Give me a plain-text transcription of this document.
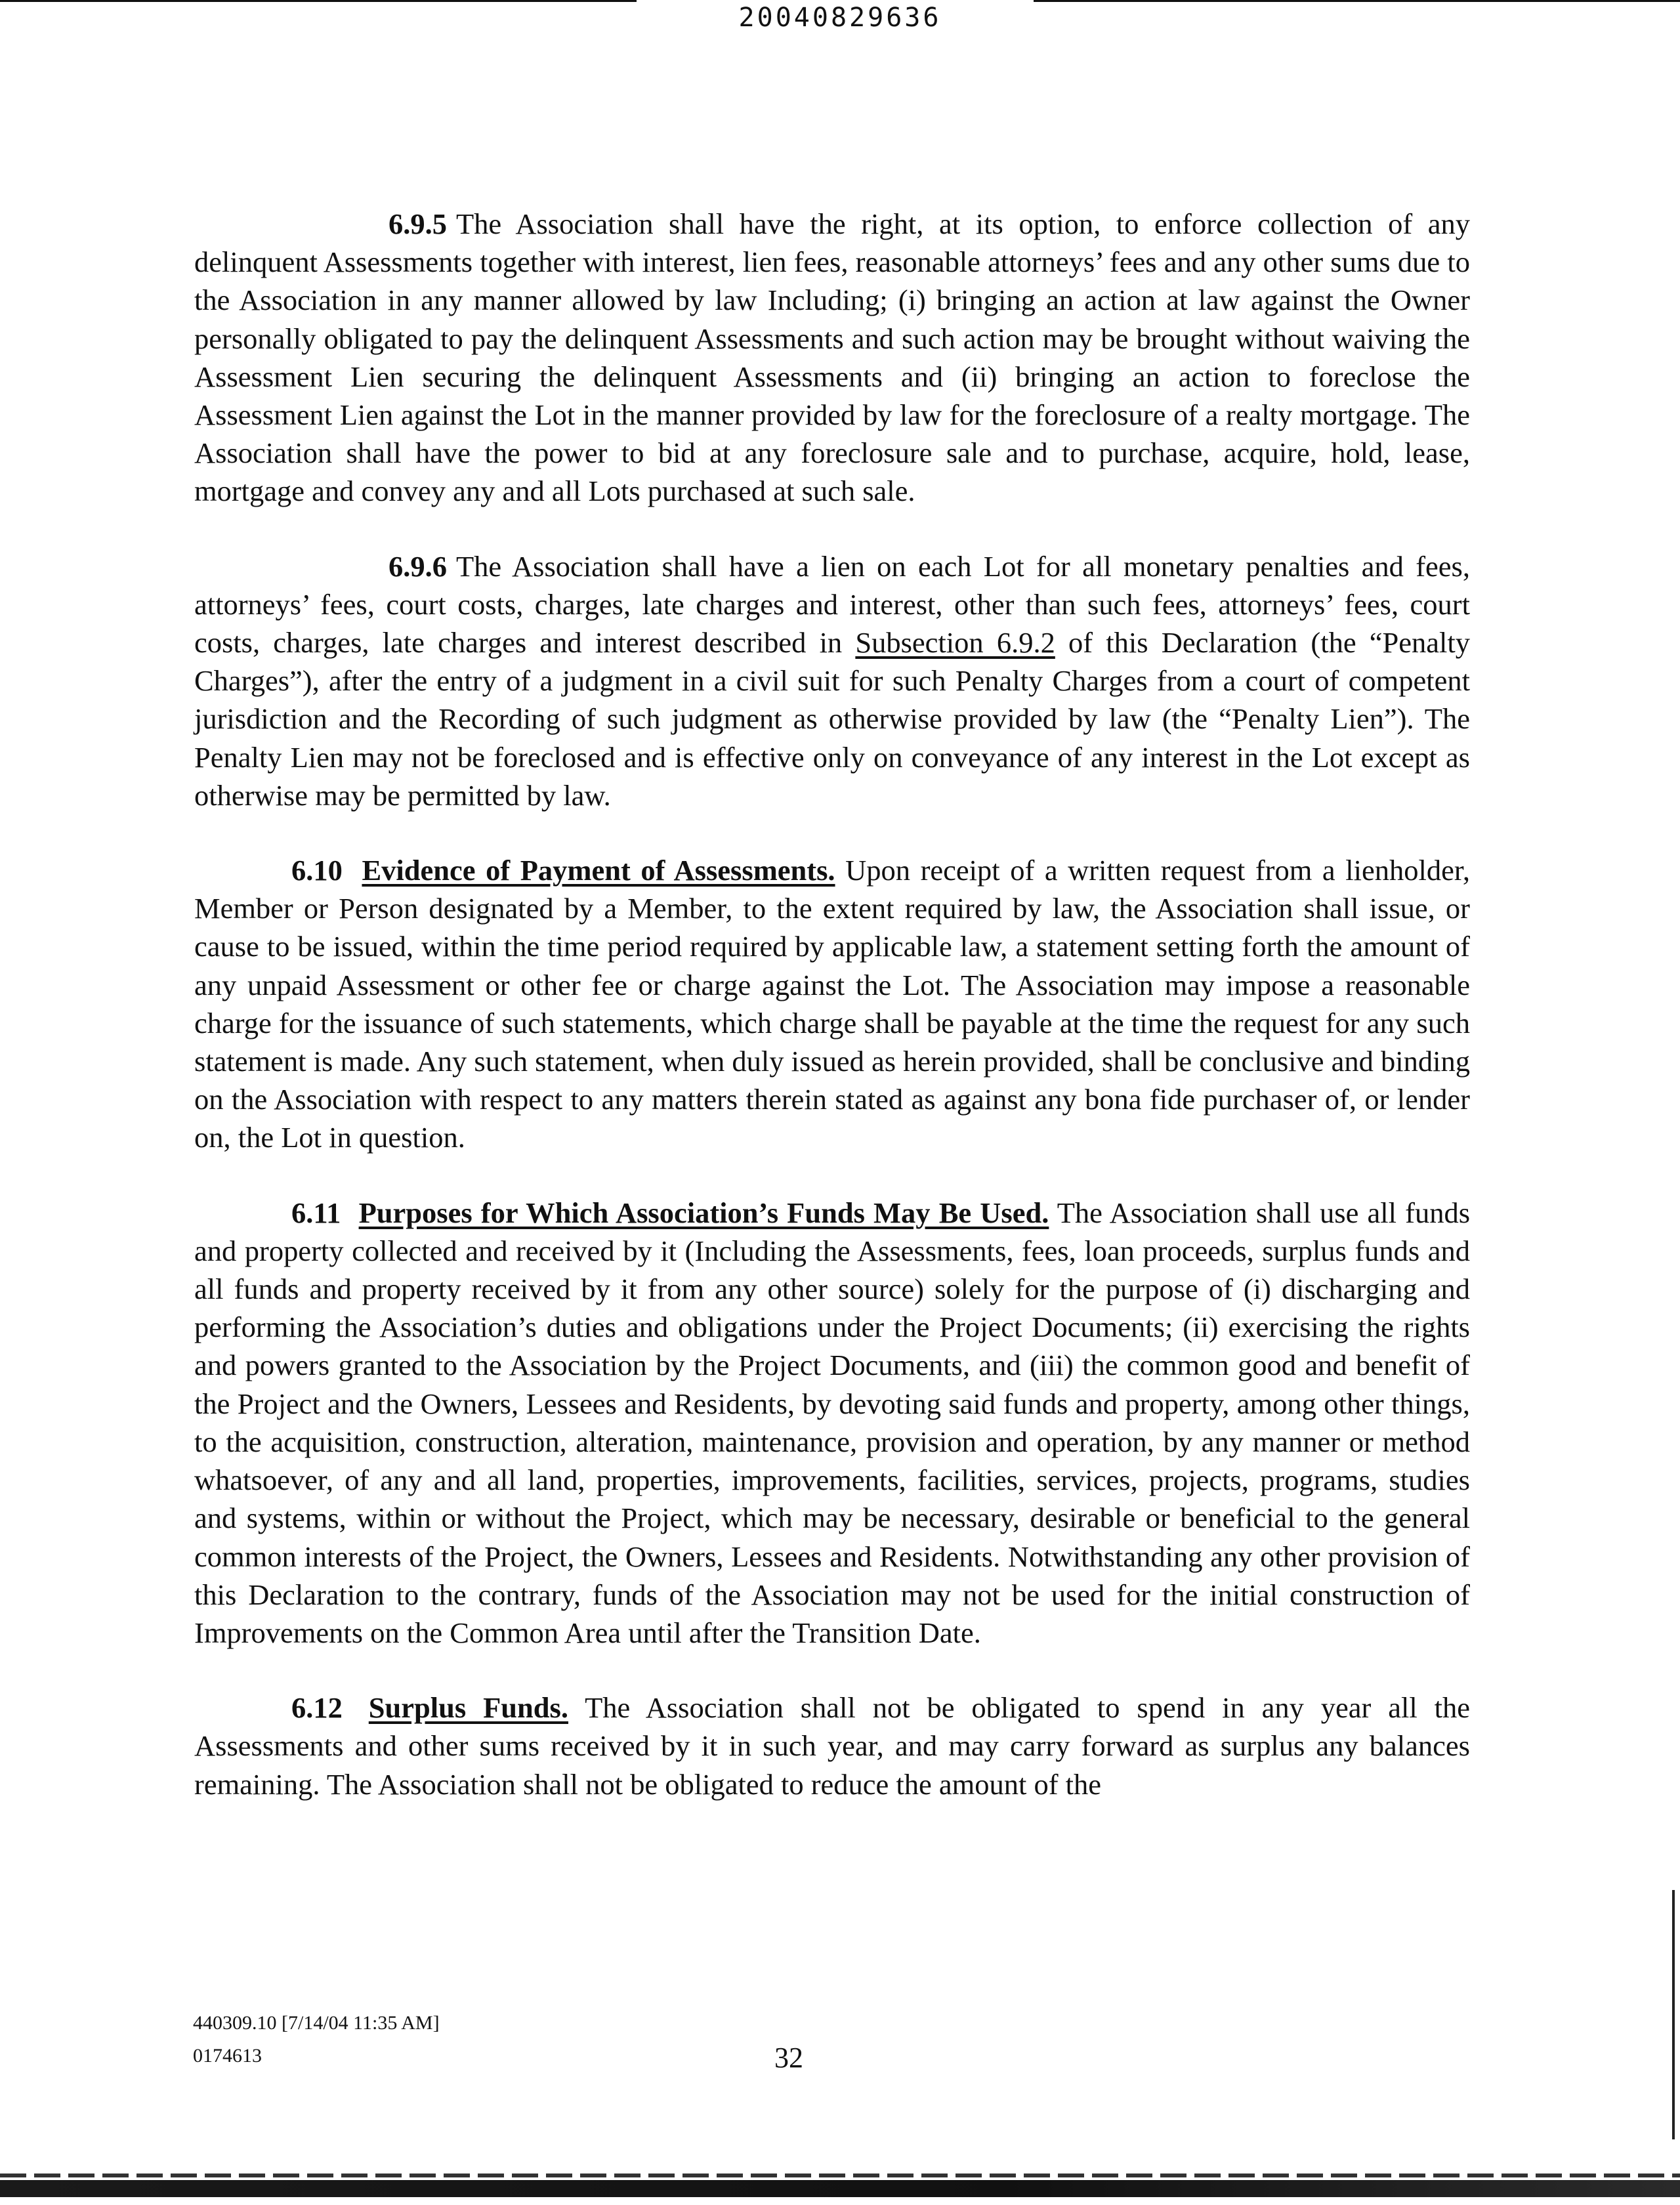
20040829636

6.9.5 The Association shall have the right, at its option, to enforce collection of any delinquent Assessments together with interest, lien fees, reasonable attorneys’ fees and any other sums due to the Association in any manner allowed by law Including; (i) bringing an action at law against the Owner personally obligated to pay the delinquent Assessments and such action may be brought without waiving the Assessment Lien securing the delinquent Assessments and (ii) bringing an action to foreclose the Assessment Lien against the Lot in the manner provided by law for the foreclosure of a realty mortgage. The Association shall have the power to bid at any foreclosure sale and to purchase, acquire, hold, lease, mortgage and convey any and all Lots purchased at such sale.

6.9.6 The Association shall have a lien on each Lot for all monetary penalties and fees, attorneys’ fees, court costs, charges, late charges and interest, other than such fees, attorneys’ fees, court costs, charges, late charges and interest described in Subsection 6.9.2 of this Declaration (the “Penalty Charges”), after the entry of a judgment in a civil suit for such Penalty Charges from a court of competent jurisdiction and the Recording of such judgment as otherwise provided by law (the “Penalty Lien”). The Penalty Lien may not be foreclosed and is effective only on conveyance of any interest in the Lot except as otherwise may be permitted by law.

6.10 Evidence of Payment of Assessments. Upon receipt of a written request from a lienholder, Member or Person designated by a Member, to the extent required by law, the Association shall issue, or cause to be issued, within the time period required by applicable law, a statement setting forth the amount of any unpaid Assessment or other fee or charge against the Lot. The Association may impose a reasonable charge for the issuance of such statements, which charge shall be payable at the time the request for any such statement is made. Any such statement, when duly issued as herein provided, shall be conclusive and binding on the Association with respect to any matters therein stated as against any bona fide purchaser of, or lender on, the Lot in question.

6.11 Purposes for Which Association’s Funds May Be Used. The Association shall use all funds and property collected and received by it (Including the Assessments, fees, loan proceeds, surplus funds and all funds and property received by it from any other source) solely for the purpose of (i) discharging and performing the Association’s duties and obligations under the Project Documents; (ii) exercising the rights and powers granted to the Association by the Project Documents, and (iii) the common good and benefit of the Project and the Owners, Lessees and Residents, by devoting said funds and property, among other things, to the acquisition, construction, alteration, maintenance, provision and operation, by any manner or method whatsoever, of any and all land, properties, improvements, facilities, services, projects, programs, studies and systems, within or without the Project, which may be necessary, desirable or beneficial to the general common interests of the Project, the Owners, Lessees and Residents. Notwithstanding any other provision of this Declaration to the contrary, funds of the Association may not be used for the initial construction of Improvements on the Common Area until after the Transition Date.

6.12 Surplus Funds. The Association shall not be obligated to spend in any year all the Assessments and other sums received by it in such year, and may carry forward as surplus any balances remaining. The Association shall not be obligated to reduce the amount of the

440309.10 [7/14/04 11:35 AM]
0174613	32
